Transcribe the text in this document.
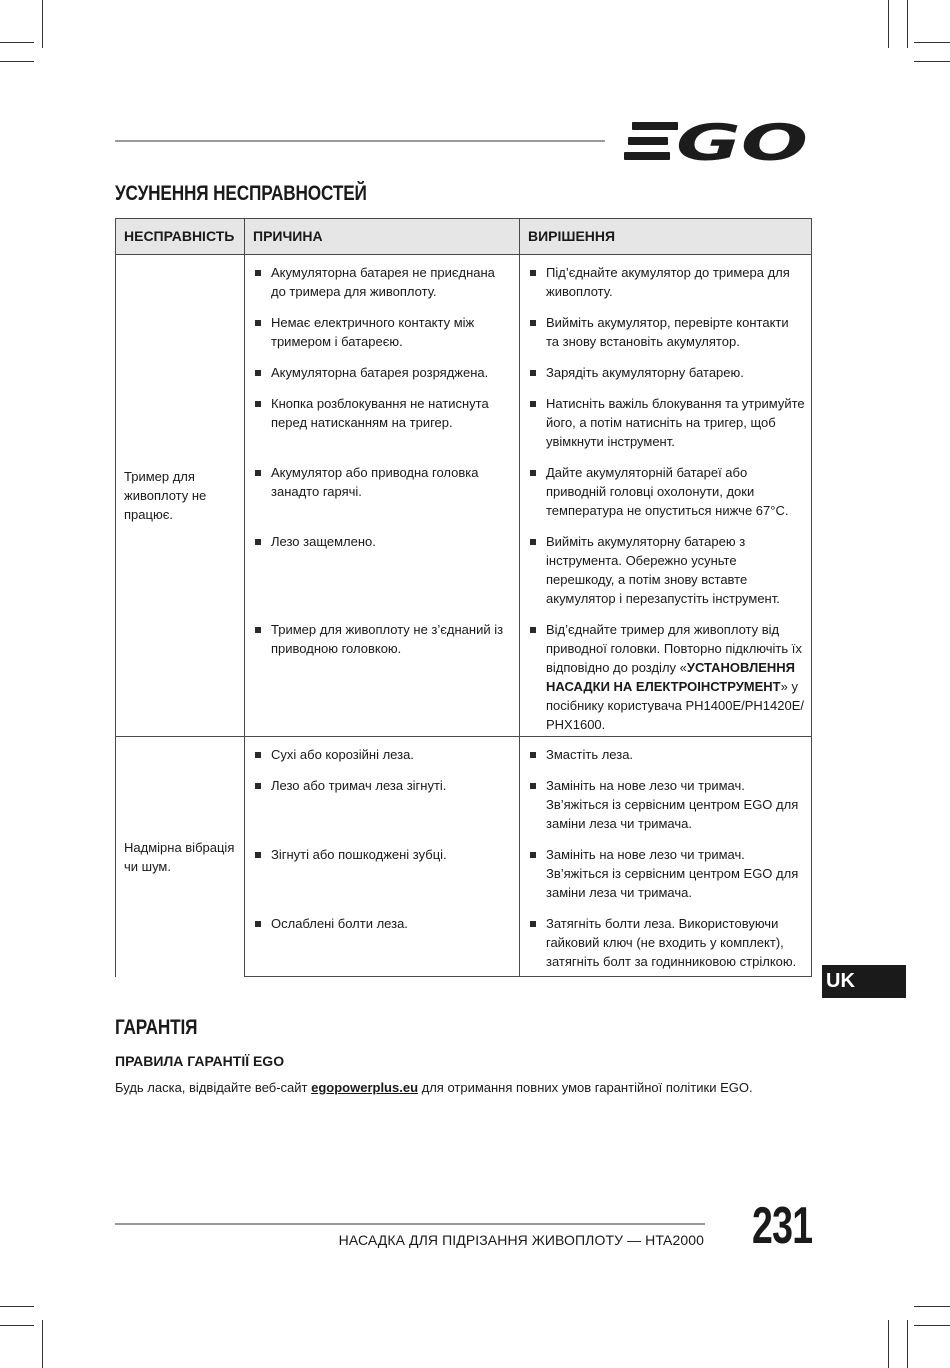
GO
УСУНЕННЯ НЕСПРАВНОСТЕЙ
НЕСПРАВНІСТЬ	ПРИЧИНА	ВИРІШЕННЯ
Тример для живоплоту не працює.	Акумуляторна батарея не приєднана до тримера для живоплоту.	Під’єднайте акумулятор до тримера для живоплоту.

	Немає електричного контакту між тримером і батареєю.	Вийміть акумулятор, перевірте контакти та знову встановіть акумулятор.

	Акумуляторна батарея розряджена.	Зарядіть акумуляторну батарею.

	Кнопка розблокування не натиснута перед натисканням на тригер.	Натисніть важіль блокування та утримуйте його, а потім натисніть на тригер, щоб увімкнути інструмент.

	Акумулятор або приводна головка занадто гарячі.	Дайте акумуляторній батареї або приводній головці охолонути, доки температура не опуститься нижче 67°C.

	Лезо защемлено.	Вийміть акумуляторну батарею з інструмента. Обережно усуньте перешкоду, а потім знову вставте акумулятор і перезапустіть інструмент.

	Тример для живоплоту не з’єднаний із приводною головкою.	Від’єднайте тример для живоплоту від приводної головки. Повторно підключіть їх відповідно до розділу «УСТАНОВЛЕННЯ НАСАДКИ НА ЕЛЕКТРОІНСТРУМЕНТ» у посібнику користувача PH1400E/PH1420E/ PHX1600.

Надмірна вібрація чи шум.	Сухі або корозійні леза.	Змастіть леза.

	Лезо або тримач леза зігнуті.	Замініть на нове лезо чи тримач. Зв’яжіться із сервісним центром EGO для заміни леза чи тримача.

	Зігнуті або пошкоджені зубці.	Замініть на нове лезо чи тримач. Зв’яжіться із сервісним центром EGO для заміни леза чи тримача.

	Ослаблені болти леза.	Затягніть болти леза. Використовуючи гайковий ключ (не входить у комплект), затягніть болт за годинниковою стрілкою.
UK
ГАРАНТІЯ
ПРАВИЛА ГАРАНТІЇ EGO
Будь ласка, відвідайте веб-сайт egopowerplus.eu для отримання повних умов гарантійної політики EGO.
НАСАДКА ДЛЯ ПІДРІЗАННЯ ЖИВОПЛОТУ — HTA2000 231
